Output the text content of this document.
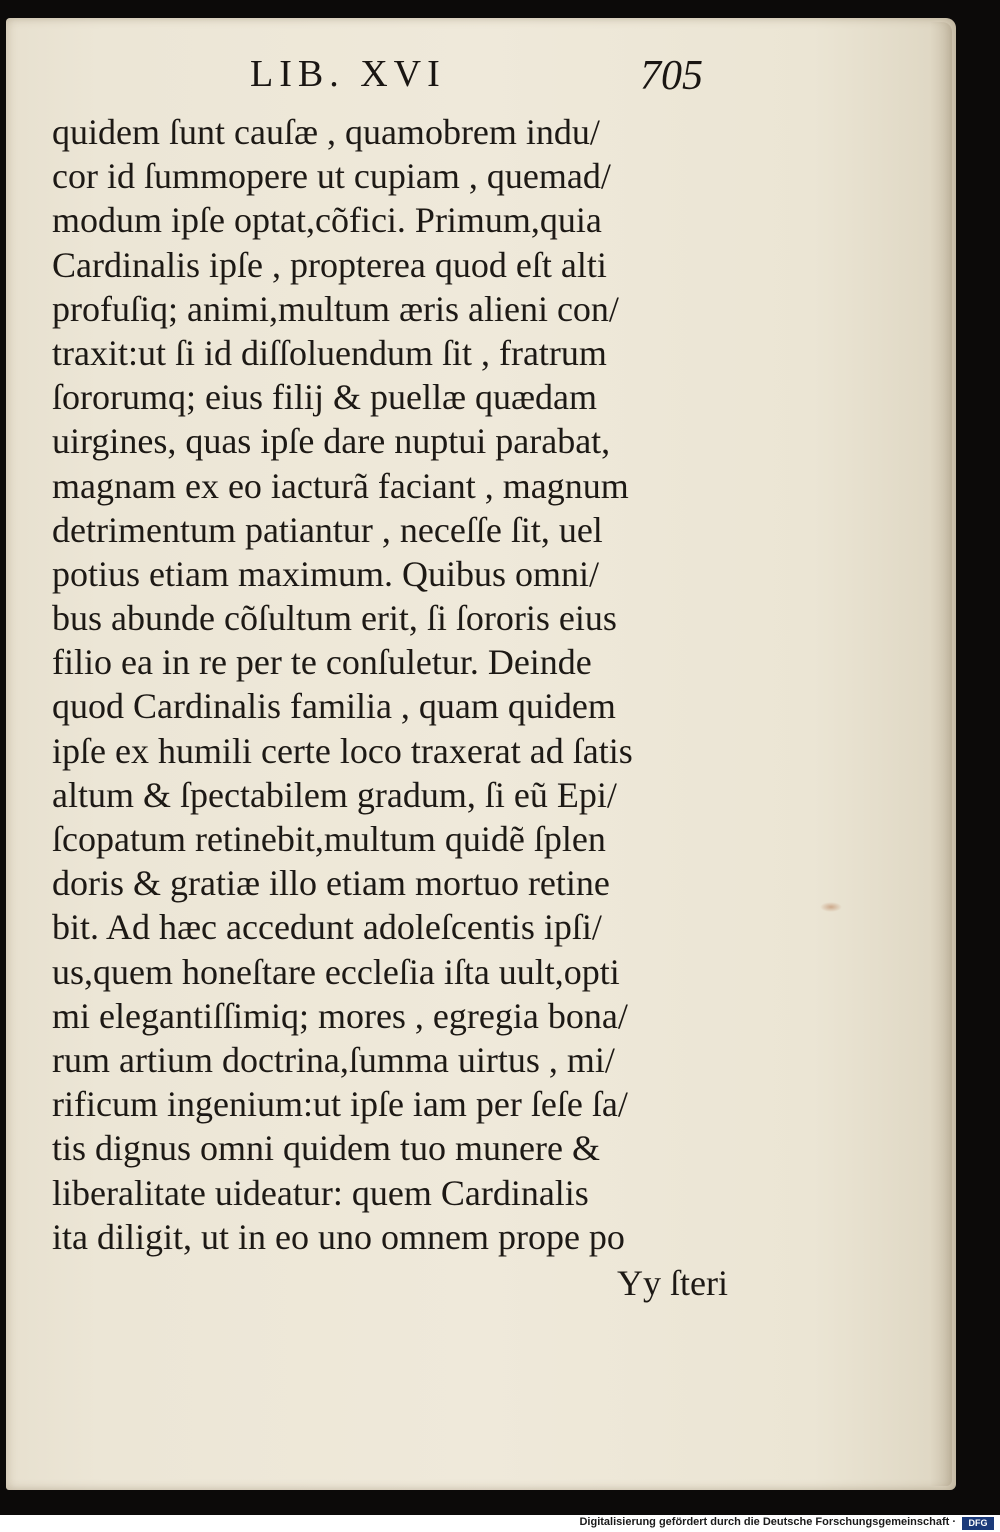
LIB. XVI	705
quidem ſunt cauſæ , quamobrem indu/
cor id ſummopere ut cupiam , quemad/
modum ipſe optat,cõfici. Primum,quia
Cardinalis ipſe , propterea quod eſt alti
profuſiq; animi,multum æris alieni con/
traxit:ut ſi id diſſoluendum ſit , fratrum
ſororumq; eius filij & puellæ quædam
uirgines, quas ipſe dare nuptui parabat,
magnam ex eo iacturã faciant , magnum
detrimentum patiantur , neceſſe ſit, uel
potius etiam maximum. Quibus omni/
bus abunde cõſultum erit, ſi ſororis eius
filio ea in re per te conſuletur. Deinde
quod Cardinalis familia , quam quidem
ipſe ex humili certe loco traxerat ad ſatis
altum & ſpectabilem gradum, ſi eũ Epi/
ſcopatum retinebit,multum quidẽ ſplen
doris & gratiæ illo etiam mortuo retine
bit. Ad hæc accedunt adoleſcentis ipſi/
us,quem honeſtare eccleſia iſta uult,opti
mi elegantiſſimiq; mores , egregia bona/
rum artium doctrina,ſumma uirtus , mi/
rificum ingenium:ut ipſe iam per ſeſe ſa/
tis dignus omni quidem tuo munere &
liberalitate uideatur: quem Cardinalis
ita diligit, ut in eo uno omnem prope po
Yy ſteri
Digitalisierung gefördert durch die Deutsche Forschungsgemeinschaft ·	DFG
